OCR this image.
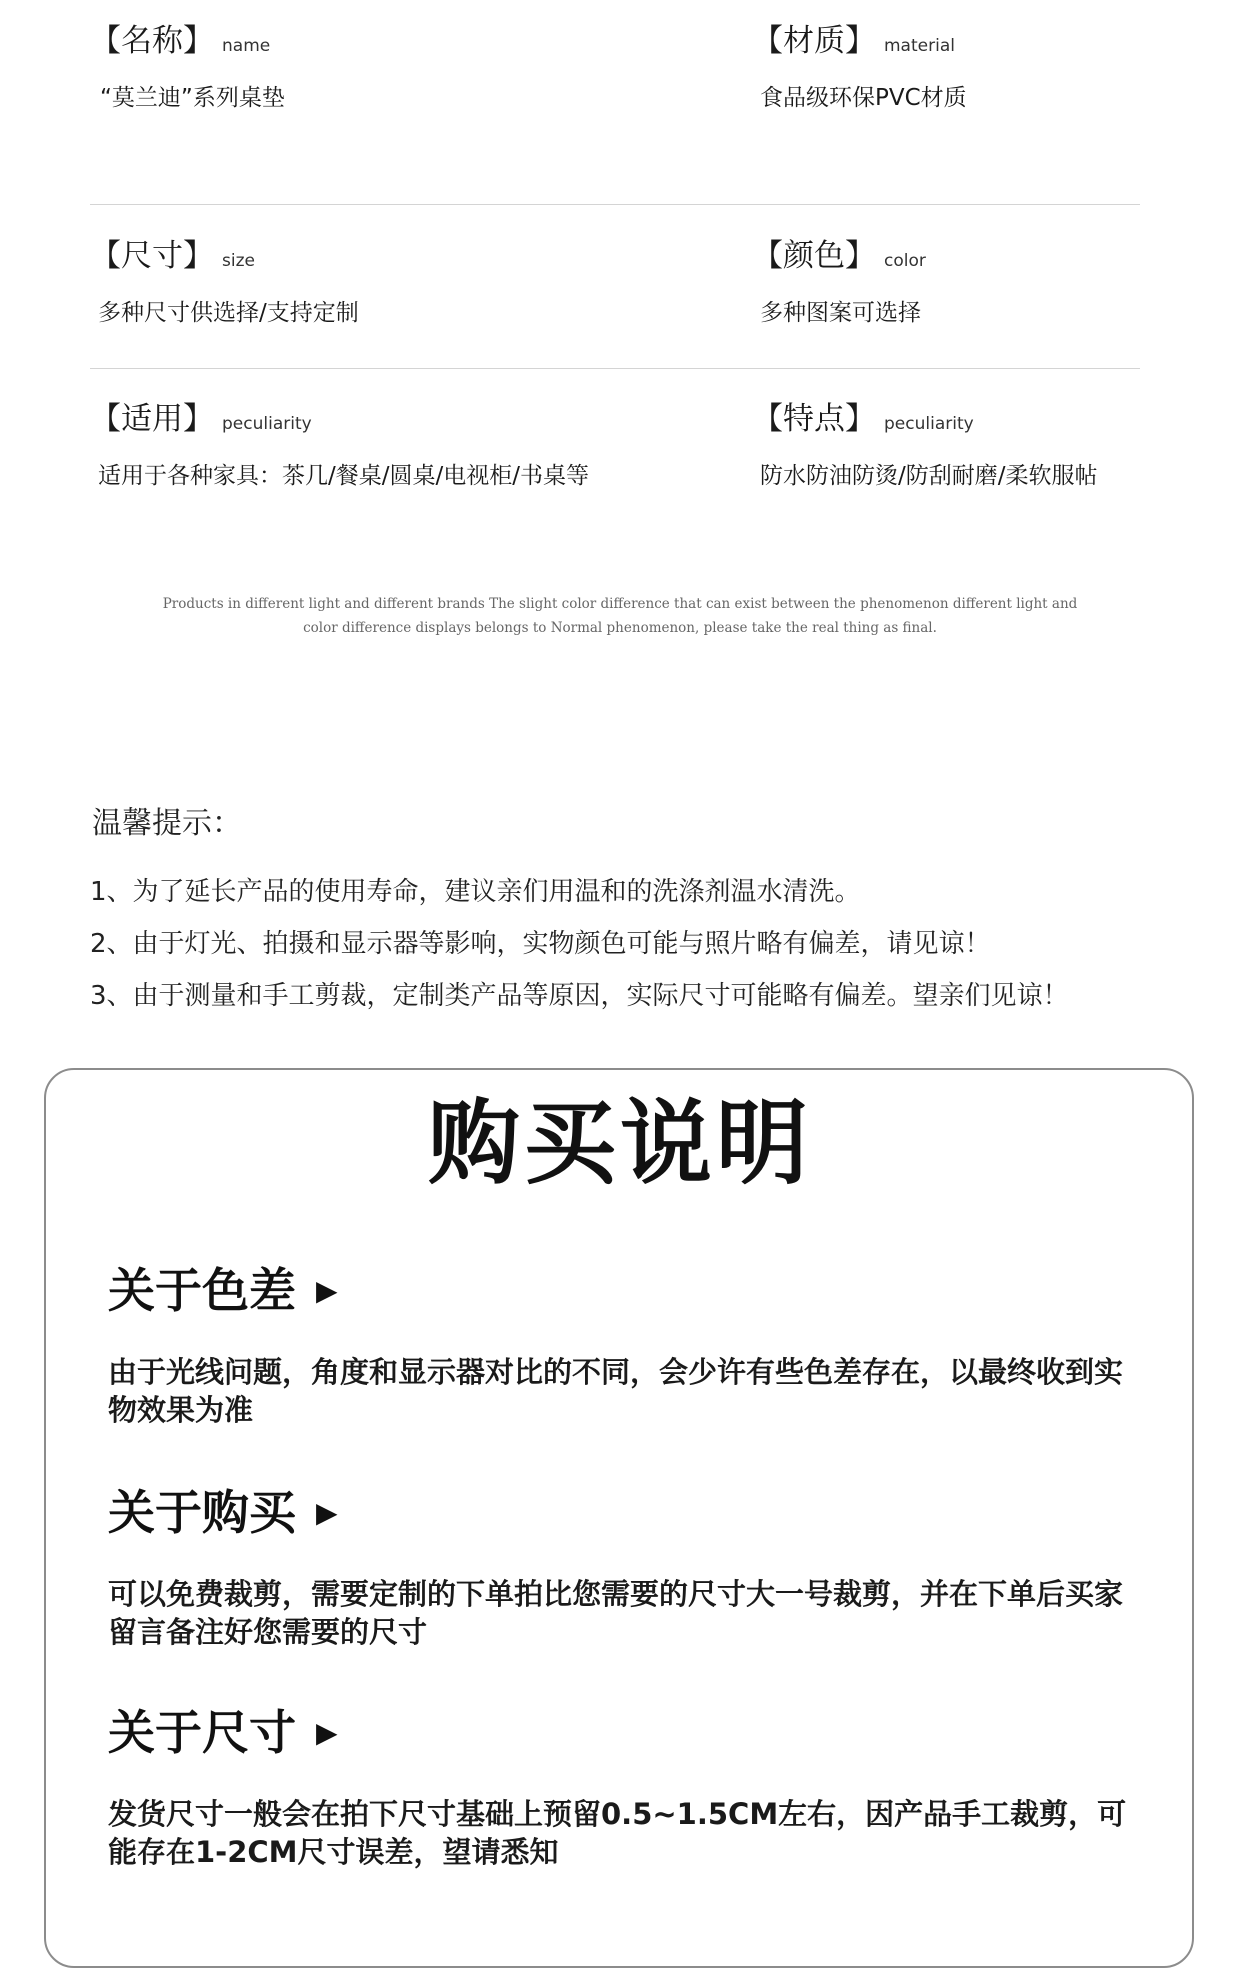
【名称】 name
“莫兰迪”系列桌垫
【材质】 material
食品级环保PVC材质
【尺寸】 size
多种尺寸供选择/支持定制
【颜色】 color
多种图案可选择
【适用】 peculiarity
适用于各种家具：茶几/餐桌/圆桌/电视柜/书桌等
【特点】 peculiarity
防水防油防烫/防刮耐磨/柔软服帖
Products in different light and different brands The slight color difference that can exist between the phenomenon different light and
color difference displays belongs to Normal phenomenon, please take the real thing as final.
温馨提示：
1、为了延长产品的使用寿命，建议亲们用温和的洗涤剂温水清洗。
2、由于灯光、拍摄和显示器等影响，实物颜色可能与照片略有偏差，请见谅！
3、由于测量和手工剪裁，定制类产品等原因，实际尺寸可能略有偏差。望亲们见谅！
购买说明
关于色差 ▶
由于光线问题，角度和显示器对比的不同，会少许有些色差存在，以最终收到实物效果为准
关于购买 ▶
可以免费裁剪，需要定制的下单拍比您需要的尺寸大一号裁剪，并在下单后买家留言备注好您需要的尺寸
关于尺寸 ▶
发货尺寸一般会在拍下尺寸基础上预留0.5~1.5CM左右，因产品手工裁剪，可能存在1-2CM尺寸误差，望请悉知
